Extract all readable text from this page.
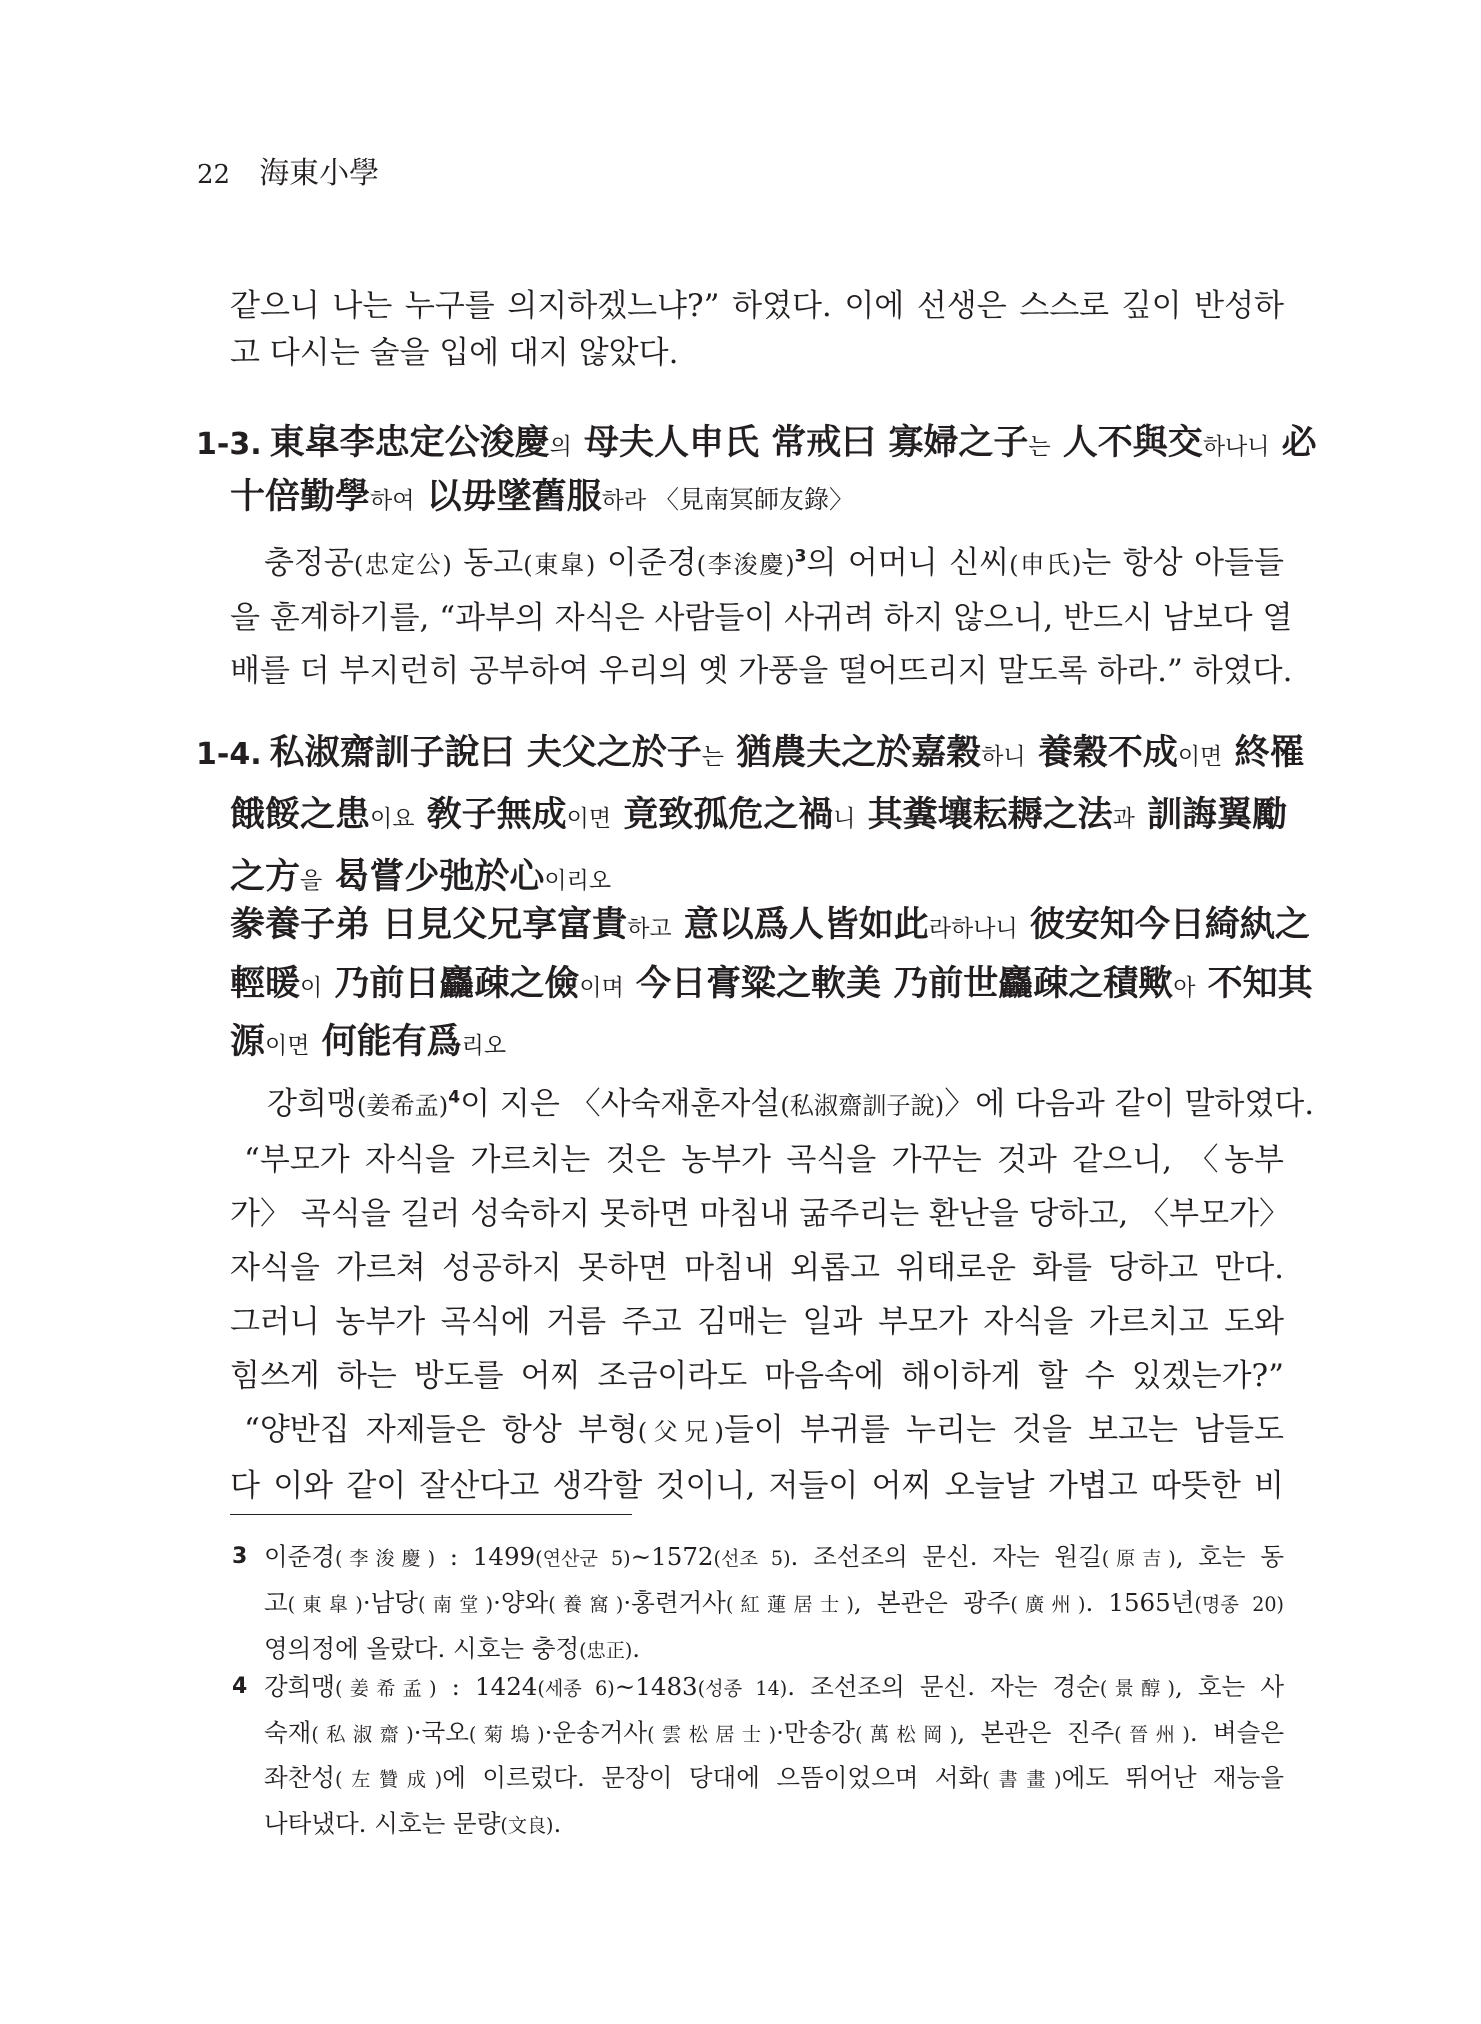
22 海東小學
같으니 나는 누구를 의지하겠느냐?” 하였다. 이에 선생은 스스로 깊이 반성하
고 다시는 술을 입에 대지 않았다.
1-3. 東皐李忠定公浚慶의 母夫人申氏 常戒曰 寡婦之子는 人不與交하나니 必
十倍勤學하여 以毋墜舊服하라 〈見南冥師友錄〉
충정공(忠定公) 동고(東皐) 이준경(李浚慶)$^3$의 어머니 신씨(申氏)는 항상 아들들
을 훈계하기를, “과부의 자식은 사람들이 사귀려 하지 않으니, 반드시 남보다 열
배를 더 부지런히 공부하여 우리의 옛 가풍을 떨어뜨리지 말도록 하라.” 하였다.
1-4. 私淑齋訓子說曰 夫父之於子는 猶農夫之於嘉穀하니 養穀不成이면 終罹
餓餒之患이요 敎子無成이면 竟致孤危之禍니 其糞壤耘耨之法과 訓誨翼勵
之方을 曷嘗少弛於心이리오
豢養子弟 日見父兄享富貴하고 意以爲人皆如此라하나니 彼安知今日綺紈之
輕暖이 乃前日麤疎之儉이며 今日膏粱之軟美 乃前世麤疎之積歟아 不知其
源이면 何能有爲리오
강희맹(姜希孟)$^4$이 지은 〈사숙재훈자설(私淑齋訓子說)〉에 다음과 같이 말하였다.
“부모가 자식을 가르치는 것은 농부가 곡식을 가꾸는 것과 같으니, 〈농부
가〉 곡식을 길러 성숙하지 못하면 마침내 굶주리는 환난을 당하고, 〈부모가〉
자식을 가르쳐 성공하지 못하면 마침내 외롭고 위태로운 화를 당하고 만다.
그러니 농부가 곡식에 거름 주고 김매는 일과 부모가 자식을 가르치고 도와
힘쓰게 하는 방도를 어찌 조금이라도 마음속에 해이하게 할 수 있겠는가?”
“양반집 자제들은 항상 부형(父兄)들이 부귀를 누리는 것을 보고는 남들도
다 이와 같이 잘산다고 생각할 것이니, 저들이 어찌 오늘날 가볍고 따뜻한 비
3 이준경(李浚慶) : 1499(연산군 5)~1572(선조 5). 조선조의 문신. 자는 원길(原吉), 호는 동
고(東皐)·남당(南堂)·양와(養窩)·홍련거사(紅蓮居士), 본관은 광주(廣州). 1565년(명종 20)
영의정에 올랐다. 시호는 충정(忠正).
4 강희맹(姜希孟) : 1424(세종 6)~1483(성종 14). 조선조의 문신. 자는 경순(景醇), 호는 사
숙재(私淑齋)·국오(菊塢)·운송거사(雲松居士)·만송강(萬松岡), 본관은 진주(晉州). 벼슬은
좌찬성(左贊成)에 이르렀다. 문장이 당대에 으뜸이었으며 서화(書畫)에도 뛰어난 재능을
나타냈다. 시호는 문량(文良).
